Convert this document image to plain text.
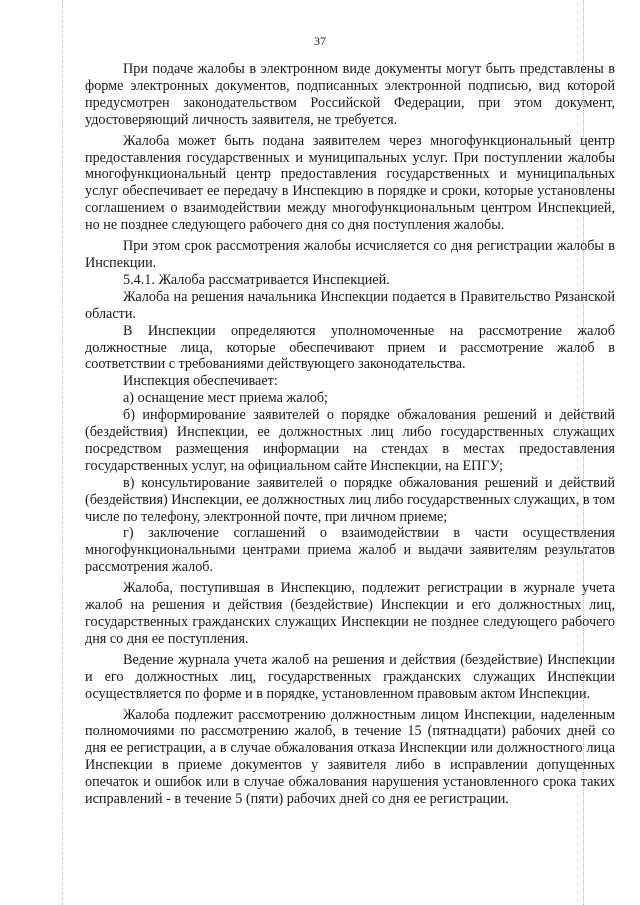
37

При подаче жалобы в электронном виде документы могут быть представлены в форме электронных документов, подписанных электронной подписью, вид которой предусмотрен законодательством Российской Федерации, при этом документ, удостоверяющий личность заявителя, не требуется.

Жалоба может быть подана заявителем через многофункциональный центр предоставления государственных и муниципальных услуг. При поступлении жалобы многофункциональный центр предоставления государственных и муниципальных услуг обеспечивает ее передачу в Инспекцию в порядке и сроки, которые установлены соглашением о взаимодействии между многофункциональным центром Инспекцией, но не позднее следующего рабочего дня со дня поступления жалобы.

При этом срок рассмотрения жалобы исчисляется со дня регистрации жалобы в Инспекции.

5.4.1. Жалоба рассматривается Инспекцией.

Жалоба на решения начальника Инспекции подается в Правительство Рязанской области.

В Инспекции определяются уполномоченные на рассмотрение жалоб должностные лица, которые обеспечивают прием и рассмотрение жалоб в соответствии с требованиями действующего законодательства.

Инспекция обеспечивает:

а) оснащение мест приема жалоб;

б) информирование заявителей о порядке обжалования решений и действий (бездействия) Инспекции, ее должностных лиц либо государственных служащих посредством размещения информации на стендах в местах предоставления государственных услуг, на официальном сайте Инспекции, на ЕПГУ;

в) консультирование заявителей о порядке обжалования решений и действий (бездействия) Инспекции, ее должностных лиц либо государственных служащих, в том числе по телефону, электронной почте, при личном приеме;

г) заключение соглашений о взаимодействии в части осуществления многофункциональными центрами приема жалоб и выдачи заявителям результатов рассмотрения жалоб.

Жалоба, поступившая в Инспекцию, подлежит регистрации в журнале учета жалоб на решения и действия (бездействие) Инспекции и его должностных лиц, государственных гражданских служащих Инспекции не позднее следующего рабочего дня со дня ее поступления.

Ведение журнала учета жалоб на решения и действия (бездействие) Инспекции и его должностных лиц, государственных гражданских служащих Инспекции осуществляется по форме и в порядке, установленном правовым актом Инспекции.

Жалоба подлежит рассмотрению должностным лицом Инспекции, наделенным полномочиями по рассмотрению жалоб, в течение 15 (пятнадцати) рабочих дней со дня ее регистрации, а в случае обжалования отказа Инспекции или должностного лица Инспекции в приеме документов у заявителя либо в исправлении допущенных опечаток и ошибок или в случае обжалования нарушения установленного срока таких исправлений - в течение 5 (пяти) рабочих дней со дня ее регистрации.
